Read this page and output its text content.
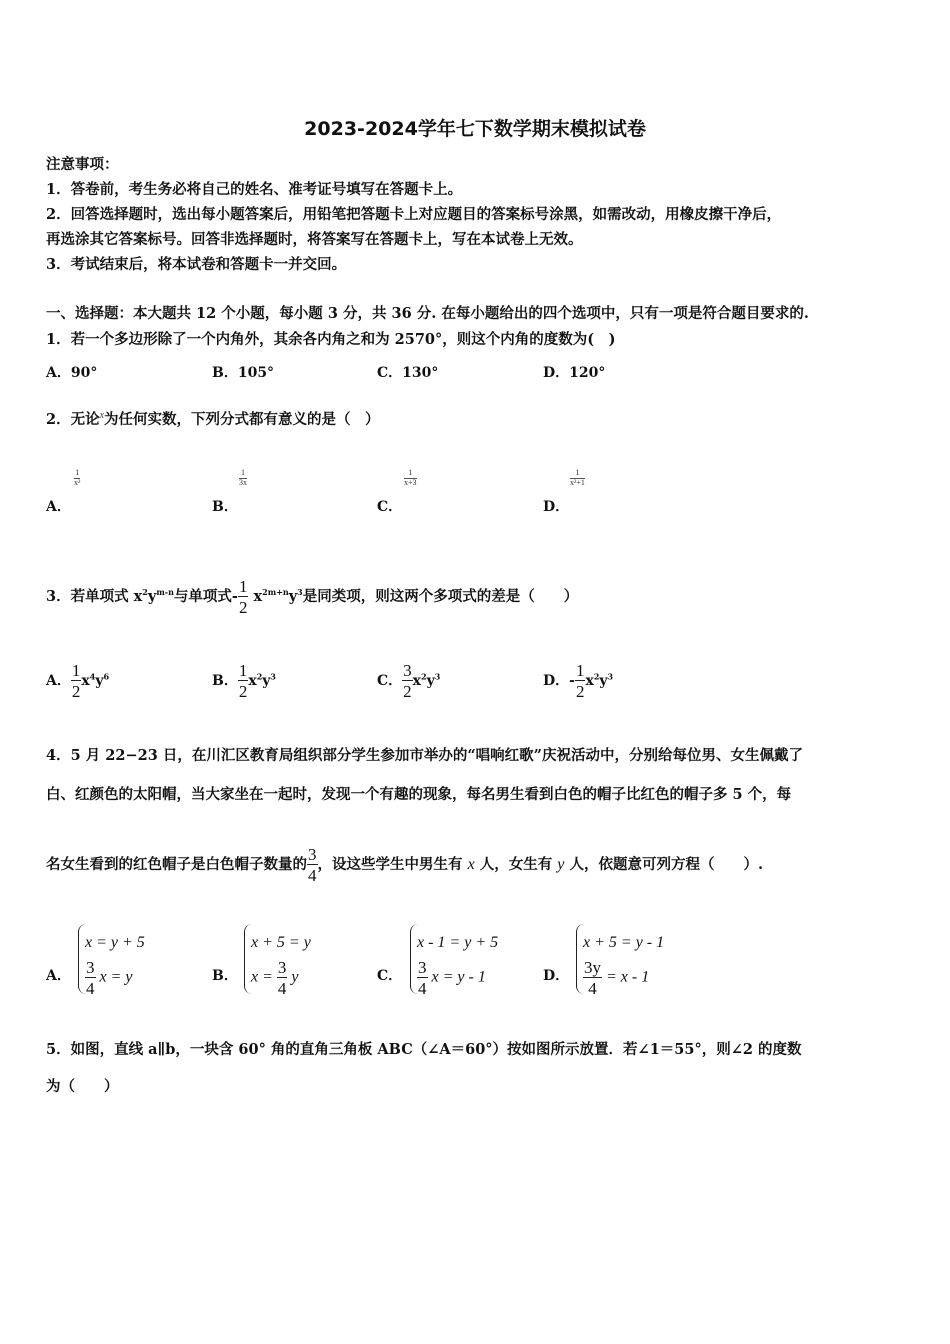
2023-2024学年七下数学期末模拟试卷
注意事项：
1．答卷前，考生务必将自己的姓名、准考证号填写在答题卡上。
2．回答选择题时，选出每小题答案后，用铅笔把答题卡上对应题目的答案标号涂黑，如需改动，用橡皮擦干净后，
再选涂其它答案标号。回答非选择题时，将答案写在答题卡上，写在本试卷上无效。
3．考试结束后，将本试卷和答题卡一并交回。
一、选择题：本大题共 12 个小题，每小题 3 分，共 36 分. 在每小题给出的四个选项中，只有一项是符合题目要求的.
1．若一个多边形除了一个内角外，其余各内角之和为 2570°，则这个内角的度数为(　)
A．90°	B．105°	C．130°	D．120°
2．无论$^x$为任何实数，下列分式都有意义的是（　）
A．
$\frac{1}{\text{x²}}$
B．
$\frac{1}{3x}$
C．
$\frac{1}{x+3}$
D．
$\frac{1}{\text{x²+1}}$
3．若单项式 $x^2y^{m-n}$与单项式- $\frac{1}{2} x^{2m+n}y^3$是同类项，则这两个多项式的差是（　　）
A． $\frac{1}{2} x^4y^6$	B． $\frac{1}{2} x^2y^3$	C． $\frac{3}{2} x^2y^3$	D．- $\frac{1}{2} x^2y^3$
4．5 月 22−23 日，在川汇区教育局组织部分学生参加市举办的“唱响红歌”庆祝活动中，分别给每位男、女生佩戴了
白、红颜色的太阳帽，当大家坐在一起时，发现一个有趣的现象，每名男生看到白色的帽子比红色的帽子多 5 个，每
名女生看到的红色帽子是白色帽子数量的 $\frac{3}{4}$ ，设这些学生中男生有 x 人，女生有 y 人，依题意可列方程（　　）.
A．
x = y + 5
$\frac{3}{4}$ x = y	B．
x + 5 = y
$x = \frac{3}{4}$ y	C．
x - 1 = y + 5
$\frac{3}{4}$ x = y - 1	D．
x + 5 = y - 1
$\frac{3y}{4} = x - 1$
5．如图，直线 a∥b，一块含 60° 角的直角三角板 ABC（∠A＝60°）按如图所示放置．若∠1＝55°，则∠2 的度数
为（　　）
